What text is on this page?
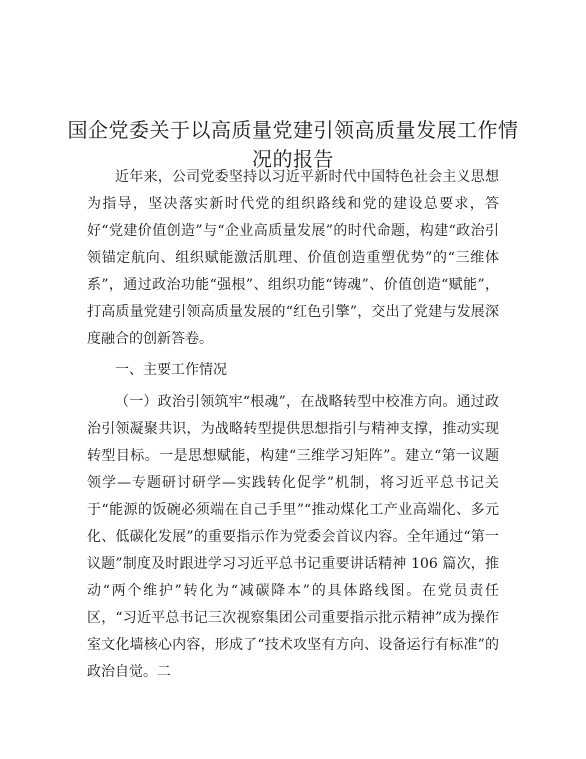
国企党委关于以高质量党建引领高质量发展工作情况的报告

近年来，公司党委坚持以习近平新时代中国特色社会主义思想为指导，坚决落实新时代党的组织路线和党的建设总要求，答好“党建价值创造”与“企业高质量发展”的时代命题，构建“政治引领锚定航向、组织赋能激活肌理、价值创造重塑优势”的“三维体系”，通过政治功能“强根”、组织功能“铸魂”、价值创造“赋能”，打高质量党建引领高质量发展的“红色引擎”，交出了党建与发展深度融合的创新答卷。

一、主要工作情况

（一）政治引领筑牢“根魂”，在战略转型中校准方向。通过政治引领凝聚共识，为战略转型提供思想指引与精神支撑，推动实现转型目标。一是思想赋能，构建“三维学习矩阵”。建立“第一议题领学—专题研讨研学—实践转化促学”机制，将习近平总书记关于“能源的饭碗必须端在自己手里”“推动煤化工产业高端化、多元化、低碳化发展”的重要指示作为党委会首议内容。全年通过“第一议题”制度及时跟进学习习近平总书记重要讲话精神 106 篇次，推动“两个维护”转化为“减碳降本”的具体路线图。在党员责任区，“习近平总书记三次视察集团公司重要指示批示精神”成为操作室文化墙核心内容，形成了“技术攻坚有方向、设备运行有标准”的政治自觉。二
